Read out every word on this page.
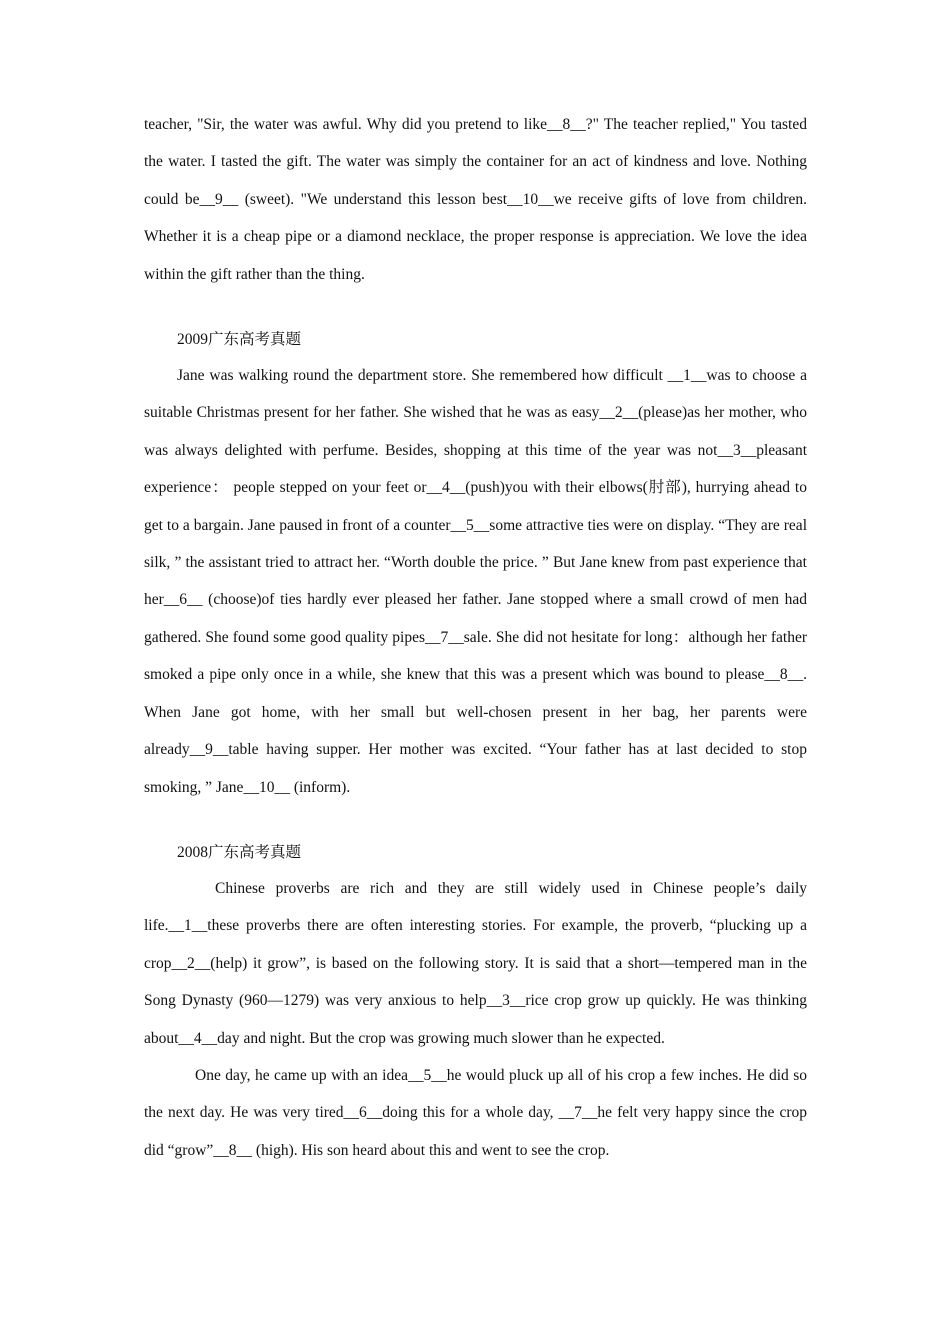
teacher, "Sir, the water was awful. Why did you pretend to like__8__?" The teacher replied," You tasted the water. I tasted the gift. The water was simply the container for an act of kindness and love. Nothing could be__9__ (sweet). "We understand this lesson best__10__we receive gifts of love from children. Whether it is a cheap pipe or a diamond necklace, the proper response is appreciation. We love the idea within the gift rather than the thing.

2009广东高考真题

Jane was walking round the department store. She remembered how difficult __1__was to choose a suitable Christmas present for her father. She wished that he was as easy__2__(please)as her mother, who was always delighted with perfume. Besides, shopping at this time of the year was not__3__pleasant experience： people stepped on your feet or__4__(push)you with their elbows(肘部), hurrying ahead to get to a bargain. Jane paused in front of a counter__5__some attractive ties were on display. “They are real silk, ” the assistant tried to attract her. “Worth double the price. ” But Jane knew from past experience that her__6__ (choose)of ties hardly ever pleased her father. Jane stopped where a small crowd of men had gathered. She found some good quality pipes__7__sale. She did not hesitate for long：although her father smoked a pipe only once in a while, she knew that this was a present which was bound to please__8__. When Jane got home, with her small but well-chosen present in her bag, her parents were already__9__table having supper. Her mother was excited. “Your father has at last decided to stop smoking, ” Jane__10__ (inform).

2008广东高考真题

Chinese proverbs are rich and they are still widely used in Chinese people’s daily life.__1__these proverbs there are often interesting stories. For example, the proverb, “plucking up a crop__2__(help) it grow”, is based on the following story. It is said that a short—tempered man in the Song Dynasty (960—1279) was very anxious to help__3__rice crop grow up quickly. He was thinking about__4__day and night. But the crop was growing much slower than he expected.

One day, he came up with an idea__5__he would pluck up all of his crop a few inches. He did so the next day. He was very tired__6__doing this for a whole day, __7__he felt very happy since the crop did “grow”__8__ (high). His son heard about this and went to see the crop.
